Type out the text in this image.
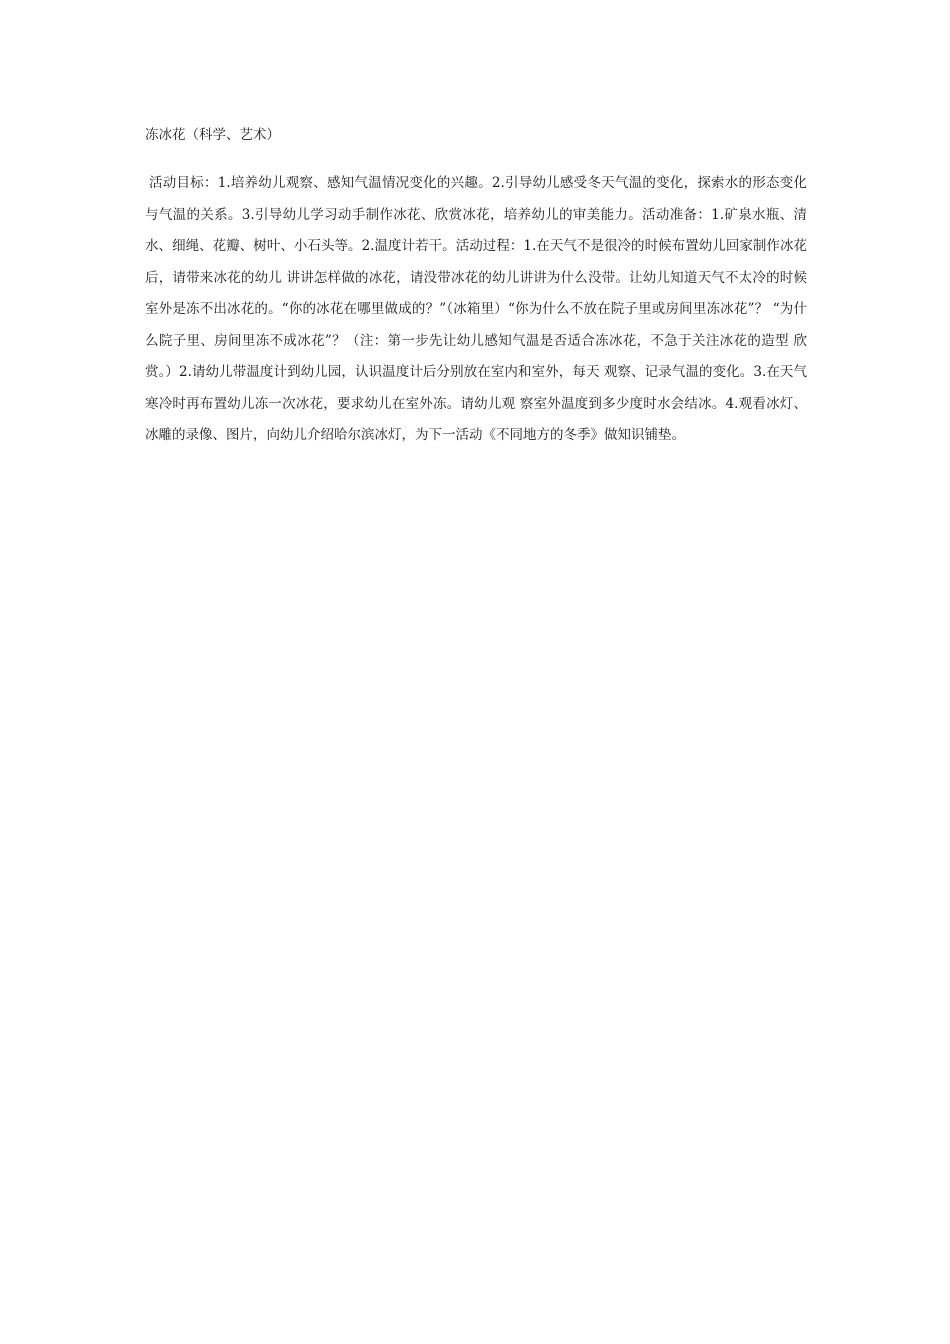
冻冰花（科学、艺术）

活动目标：1.培养幼儿观察、感知气温情况变化的兴趣。2.引导幼儿感受冬天气温的变化，探索水的形态变化与气温的关系。3.引导幼儿学习动手制作冰花、欣赏冰花，培养幼儿的审美能力。活动准备：1.矿泉水瓶、清水、细绳、花瓣、树叶、小石头等。2.温度计若干。活动过程：1.在天气不是很冷的时候布置幼儿回家制作冰花后，请带来冰花的幼儿 讲讲怎样做的冰花，请没带冰花的幼儿讲讲为什么没带。让幼儿知道天气不太冷的时候室外是冻不出冰花的。“你的冰花在哪里做成的？”（冰箱里）“你为什么不放在院子里或房间里冻冰花”？ “为什么院子里、房间里冻不成冰花”？（注：第一步先让幼儿感知气温是否适合冻冰花，不急于关注冰花的造型 欣赏。）2.请幼儿带温度计到幼儿园，认识温度计后分别放在室内和室外，每天 观察、记录气温的变化。3.在天气寒冷时再布置幼儿冻一次冰花，要求幼儿在室外冻。请幼儿观 察室外温度到多少度时水会结冰。4.观看冰灯、冰雕的录像、图片，向幼儿介绍哈尔滨冰灯，为下一活动《不同地方的冬季》做知识铺垫。
